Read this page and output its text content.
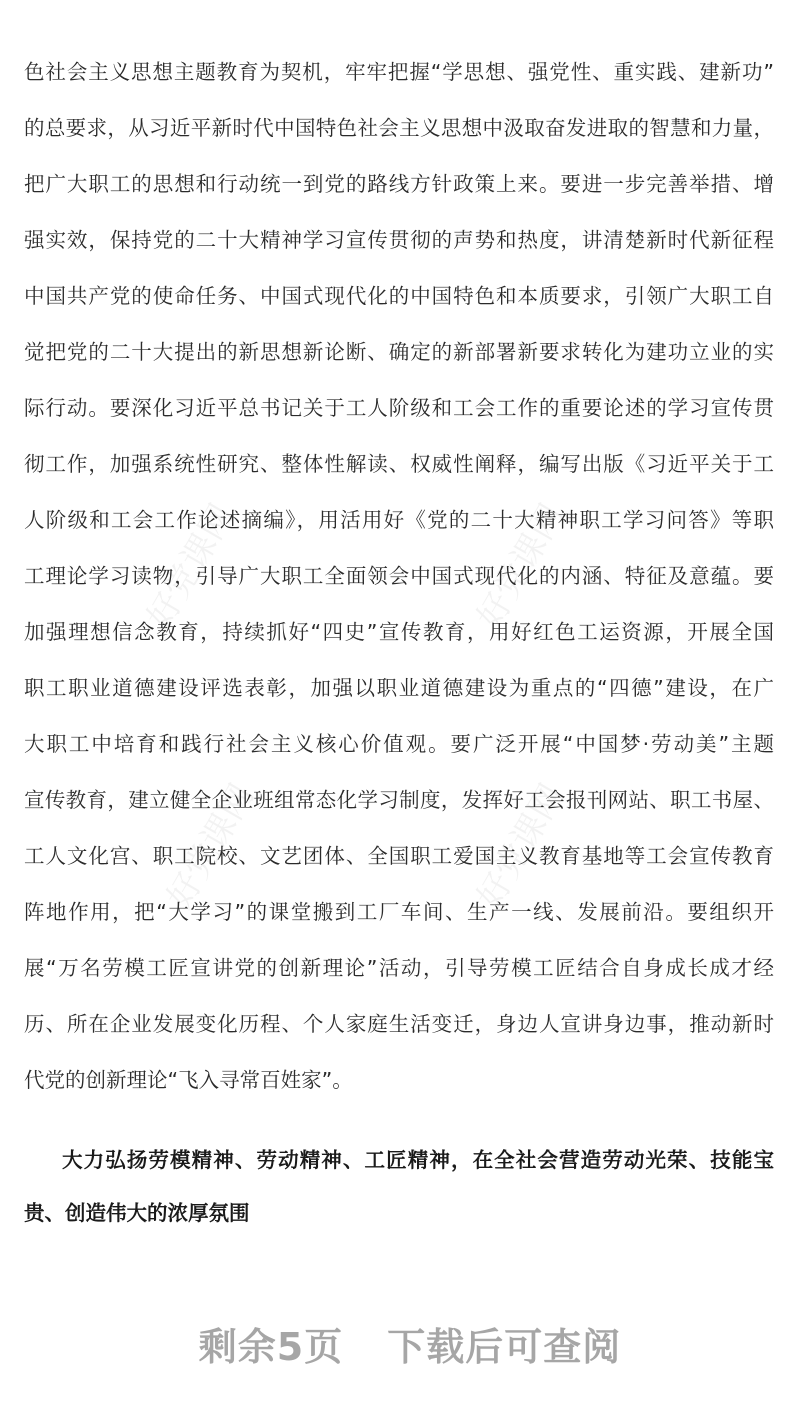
好党课网	好党课网
好党课网	好党课网
色社会主义思想主题教育为契机，牢牢把握“学思想、强党性、重实践、建新功”
的总要求，从习近平新时代中国特色社会主义思想中汲取奋发进取的智慧和力量，
把广大职工的思想和行动统一到党的路线方针政策上来。要进一步完善举措、增
强实效，保持党的二十大精神学习宣传贯彻的声势和热度，讲清楚新时代新征程
中国共产党的使命任务、中国式现代化的中国特色和本质要求，引领广大职工自
觉把党的二十大提出的新思想新论断、确定的新部署新要求转化为建功立业的实
际行动。要深化习近平总书记关于工人阶级和工会工作的重要论述的学习宣传贯
彻工作，加强系统性研究、整体性解读、权威性阐释，编写出版《习近平关于工
人阶级和工会工作论述摘编》，用活用好《党的二十大精神职工学习问答》等职
工理论学习读物，引导广大职工全面领会中国式现代化的内涵、特征及意蕴。要
加强理想信念教育，持续抓好“四史”宣传教育，用好红色工运资源，开展全国
职工职业道德建设评选表彰，加强以职业道德建设为重点的“四德”建设，在广
大职工中培育和践行社会主义核心价值观。要广泛开展“中国梦·劳动美”主题
宣传教育，建立健全企业班组常态化学习制度，发挥好工会报刊网站、职工书屋、
工人文化宫、职工院校、文艺团体、全国职工爱国主义教育基地等工会宣传教育
阵地作用，把“大学习”的课堂搬到工厂车间、生产一线、发展前沿。要组织开
展“万名劳模工匠宣讲党的创新理论”活动，引导劳模工匠结合自身成长成才经
历、所在企业发展变化历程、个人家庭生活变迁，身边人宣讲身边事，推动新时
代党的创新理论“飞入寻常百姓家”。
大力弘扬劳模精神、劳动精神、工匠精神，在全社会营造劳动光荣、技能宝
贵、创造伟大的浓厚氛围
剩余5页 下载后可查阅
